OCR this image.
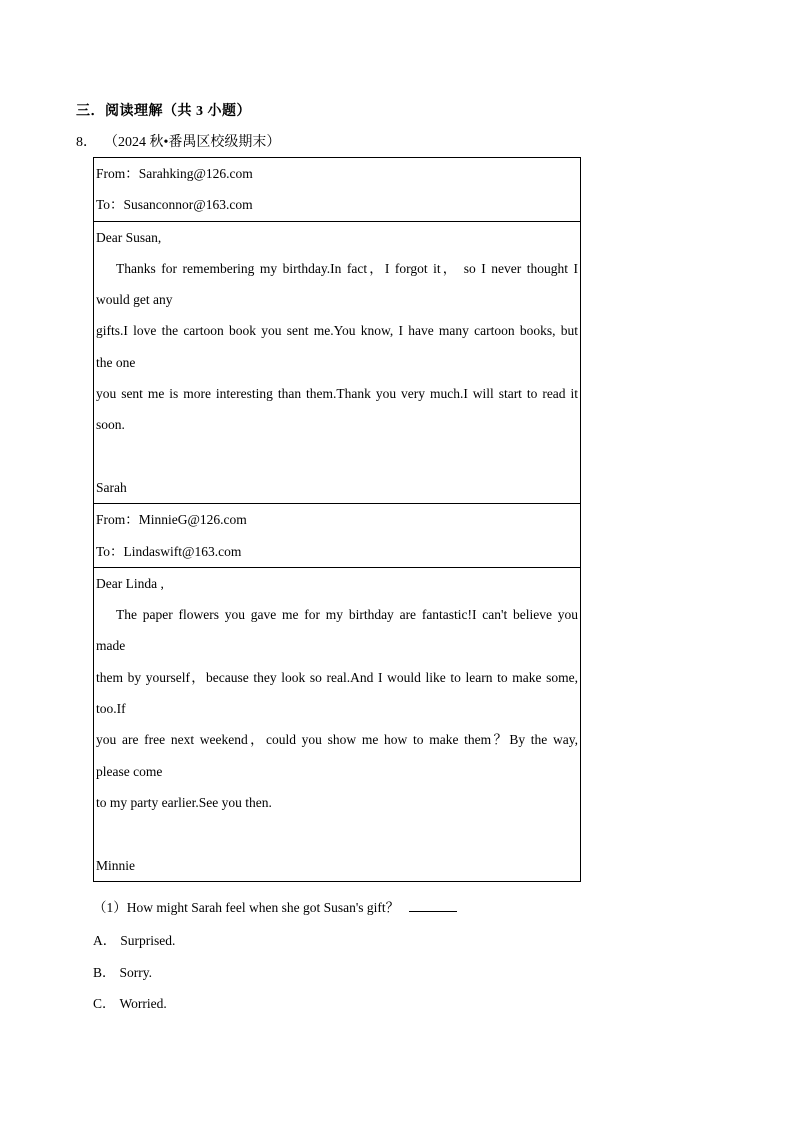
三．阅读理解（共 3 小题）
8． （2024 秋•番禺区校级期末）
From：Sarahking@126.com
To：Susanconnor@163.com
Dear Susan,
Thanks for remembering my birthday.In fact，I forgot it， so I never thought I
would get any
gifts.I love the cartoon book you sent me.You know, I have many cartoon books, but
the one
you sent me is more interesting than them.Thank you very much.I will start to read it
soon.
Sarah
From：MinnieG@126.com
To：Lindaswift@163.com
Dear Linda ,
The paper flowers you gave me for my birthday are fantastic!I can't believe you
made
them by yourself，because they look so real.And I would like to learn to make some,
too.If
you are free next weekend，could you show me how to make them？By the way,
please come
to my party earlier.See you then.
Minnie
（1）How might Sarah feel when she got Susan's gift？
A． Surprised.
B． Sorry.
C． Worried.
